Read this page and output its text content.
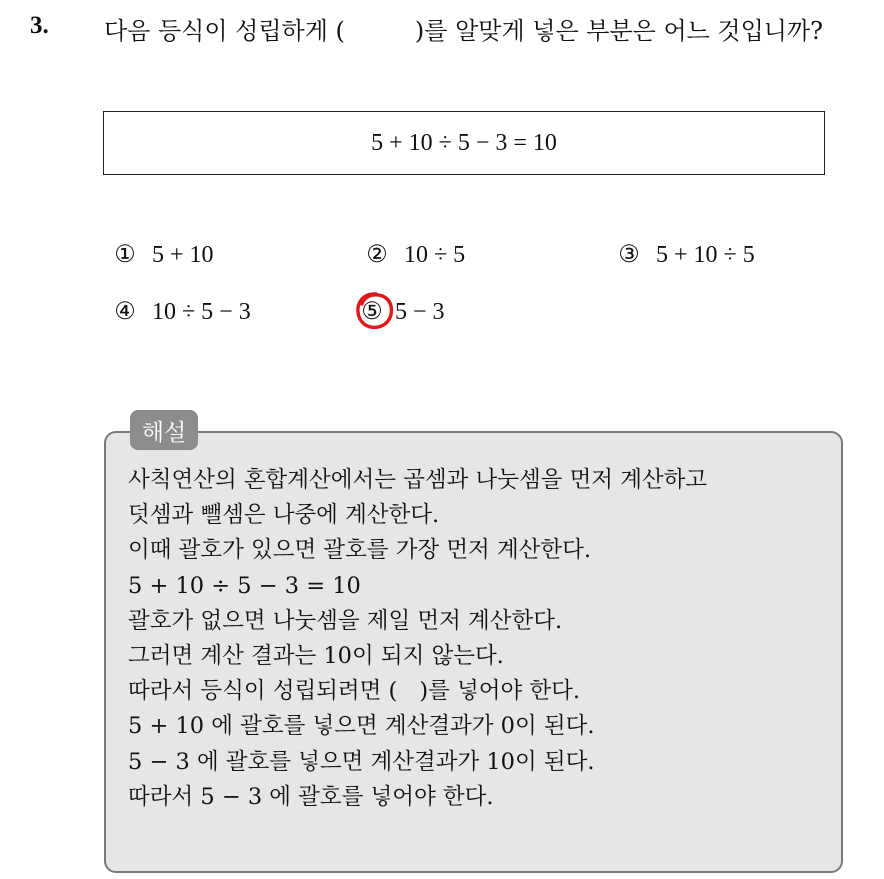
3. 다음 등식이 성립하게 (	)를 알맞게 넣은 부분은 어느 것입니까?
5 + 10 ÷ 5 − 3 = 10
① 5 + 10	② 10 ÷ 5	③ 5 + 10 ÷ 5
④ 10 ÷ 5 − 3	⑤ 5 − 3
사칙연산의 혼합계산에서는 곱셈과 나눗셈을 먼저 계산하고
덧셈과 뺄셈은 나중에 계산한다.
이때 괄호가 있으면 괄호를 가장 먼저 계산한다.
5 + 10 ÷ 5 − 3 = 10
괄호가 없으면 나눗셈을 제일 먼저 계산한다.
그러면 계산 결과는 10이 되지 않는다.
따라서 등식이 성립되려면 ( )를 넣어야 한다.
5 + 10 에 괄호를 넣으면 계산결과가 0이 된다.
5 − 3 에 괄호를 넣으면 계산결과가 10이 된다.
따라서 5 − 3 에 괄호를 넣어야 한다.
해설
